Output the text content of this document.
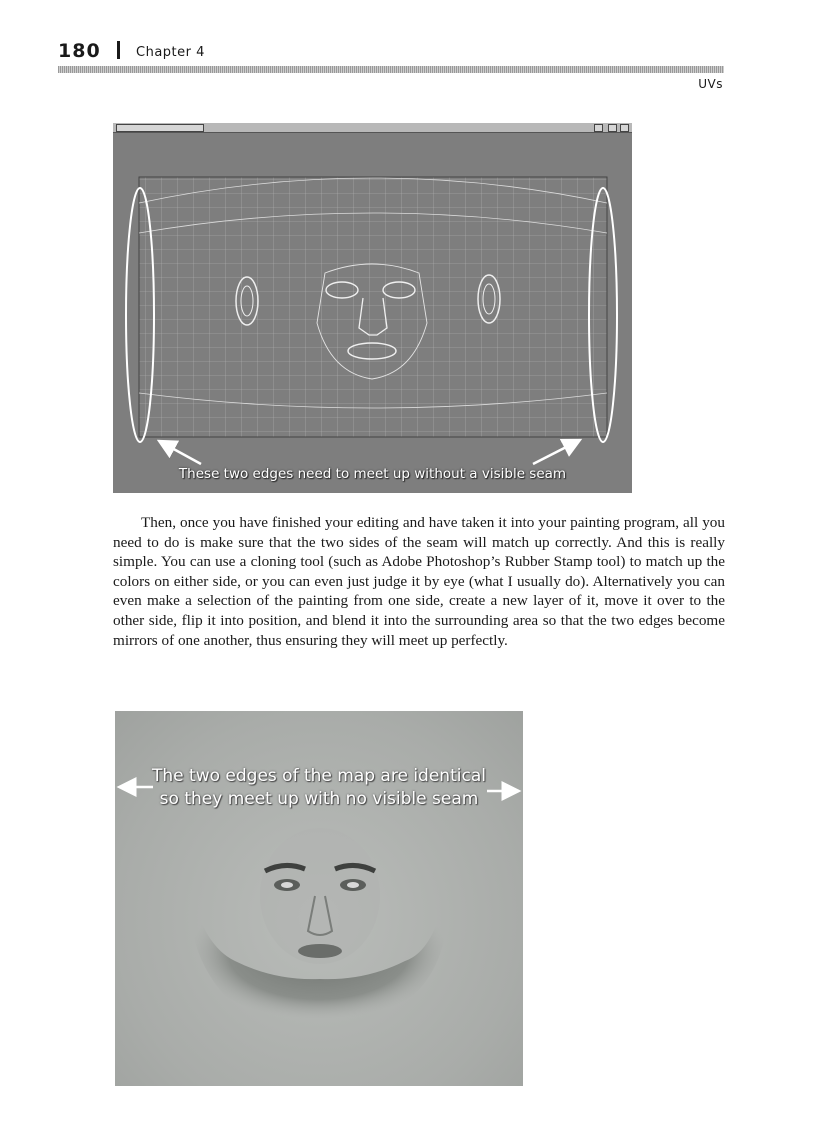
180	Chapter 4
UVs
These two edges need to meet up without a visible seam

Then, once you have finished your editing and have taken it into your painting program, all you need to do is make sure that the two sides of the seam will match up correctly. And this is really simple. You can use a cloning tool (such as Adobe Photoshop’s Rubber Stamp tool) to match up the colors on either side, or you can even just judge it by eye (what I usually do). Alternatively you can even make a selection of the painting from one side, create a new layer of it, move it over to the other side, flip it into position, and blend it into the surrounding area so that the two edges become mirrors of one another, thus ensuring they will meet up perfectly.

The two edges of the map are identical
so they meet up with no visible seam
